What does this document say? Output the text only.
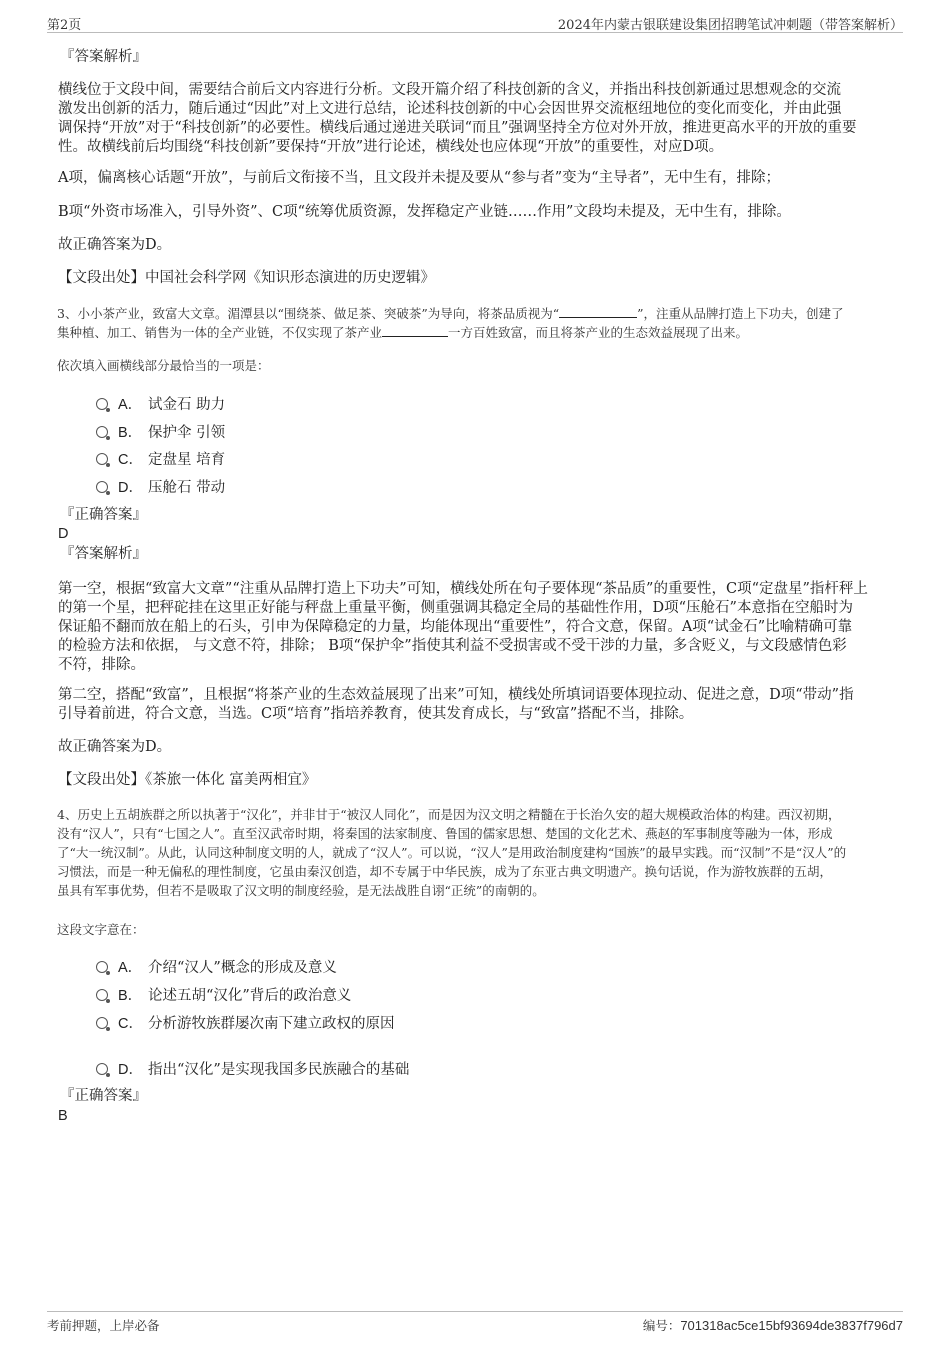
第2页	2024年内蒙古银联建设集团招聘笔试冲刺题（带答案解析）
『答案解析』
横线位于文段中间，需要结合前后文内容进行分析。文段开篇介绍了科技创新的含义，并指出科技创新通过思想观念的交流
激发出创新的活力，随后通过“因此”对上文进行总结，论述科技创新的中心会因世界交流枢纽地位的变化而变化，并由此强
调保持“开放”对于“科技创新”的必要性。横线后通过递进关联词“而且”强调坚持全方位对外开放，推进更高水平的开放的重要
性。故横线前后均围绕“科技创新”要保持“开放”进行论述，横线处也应体现“开放”的重要性，对应D项。
A项，偏离核心话题“开放”，与前后文衔接不当，且文段并未提及要从“参与者”变为“主导者”，无中生有，排除；
B项“外资市场准入，引导外资”、C项“统筹优质资源，发挥稳定产业链……作用”文段均未提及，无中生有，排除。
故正确答案为D。
【文段出处】中国社会科学网《知识形态演进的历史逻辑》
3、小小茶产业，致富大文章。湄潭县以“围绕茶、做足茶、突破茶”为导向，将茶品质视为“	”，注重从品牌打造上下功夫，创建了
集种植、加工、销售为一体的全产业链，不仅实现了茶产业	一方百姓致富，而且将茶产业的生态效益展现了出来。
依次填入画横线部分最恰当的一项是：
A． 试金石 助力
B． 保护伞 引领
C． 定盘星 培育
D． 压舱石 带动
『正确答案』
D
『答案解析』
第一空，根据“致富大文章”“注重从品牌打造上下功夫”可知，横线处所在句子要体现“茶品质”的重要性，C项“定盘星”指杆秤上
的第一个星，把秤砣挂在这里正好能与秤盘上重量平衡，侧重强调其稳定全局的基础性作用，D项“压舱石”本意指在空船时为
保证船不翻而放在船上的石头，引申为保障稳定的力量，均能体现出“重要性”，符合文意，保留。A项“试金石”比喻精确可靠
的检验方法和依据， 与文意不符，排除； B项“保护伞”指使其利益不受损害或不受干涉的力量，多含贬义，与文段感情色彩
不符，排除。
第二空，搭配“致富”，且根据“将茶产业的生态效益展现了出来”可知，横线处所填词语要体现拉动、促进之意，D项“带动”指
引导着前进，符合文意，当选。C项“培育”指培养教育，使其发育成长，与“致富”搭配不当，排除。
故正确答案为D。
【文段出处】《茶旅一体化 富美两相宜》
4、历史上五胡族群之所以执著于“汉化”，并非甘于“被汉人同化”，而是因为汉文明之精髓在于长治久安的超大规模政治体的构建。西汉初期，
没有“汉人”，只有“七国之人”。直至汉武帝时期，将秦国的法家制度、鲁国的儒家思想、楚国的文化艺术、燕赵的军事制度等融为一体，形成
了“大一统汉制”。从此，认同这种制度文明的人，就成了“汉人”。可以说，“汉人”是用政治制度建构“国族”的最早实践。而“汉制”不是“汉人”的
习惯法，而是一种无偏私的理性制度，它虽由秦汉创造，却不专属于中华民族，成为了东亚古典文明遗产。换句话说，作为游牧族群的五胡，
虽具有军事优势，但若不是吸取了汉文明的制度经验，是无法战胜自诩“正统”的南朝的。
这段文字意在：
A． 介绍“汉人”概念的形成及意义
B． 论述五胡“汉化”背后的政治意义
C． 分析游牧族群屡次南下建立政权的原因
D． 指出“汉化”是实现我国多民族融合的基础
『正确答案』
B
考前押题，上岸必备	编号：701318ac5ce15bf93694de3837f796d7
